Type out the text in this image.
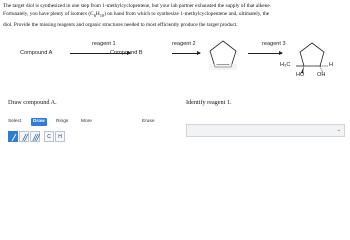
The target diol is synthesized in one step from 1-methylcyclopentene, but your lab partner exhausted the supply of that alkene.
Fortunately, you have plenty of isomers $(C_6H_{10})$ on hand from which to synthesize 1-methylcyclopentene and, ultimately, the
diol. Provide the missing reagents and organic structures needed to most efficiently produce the target product.
Compound A
reagent 1
Compound B
reagent 2	reagent 3
H₃C
HO
H
OH
Draw compound A.
Select	Draw	Rings	More	Erase
C	H
Identify reagent 1.
⌄
